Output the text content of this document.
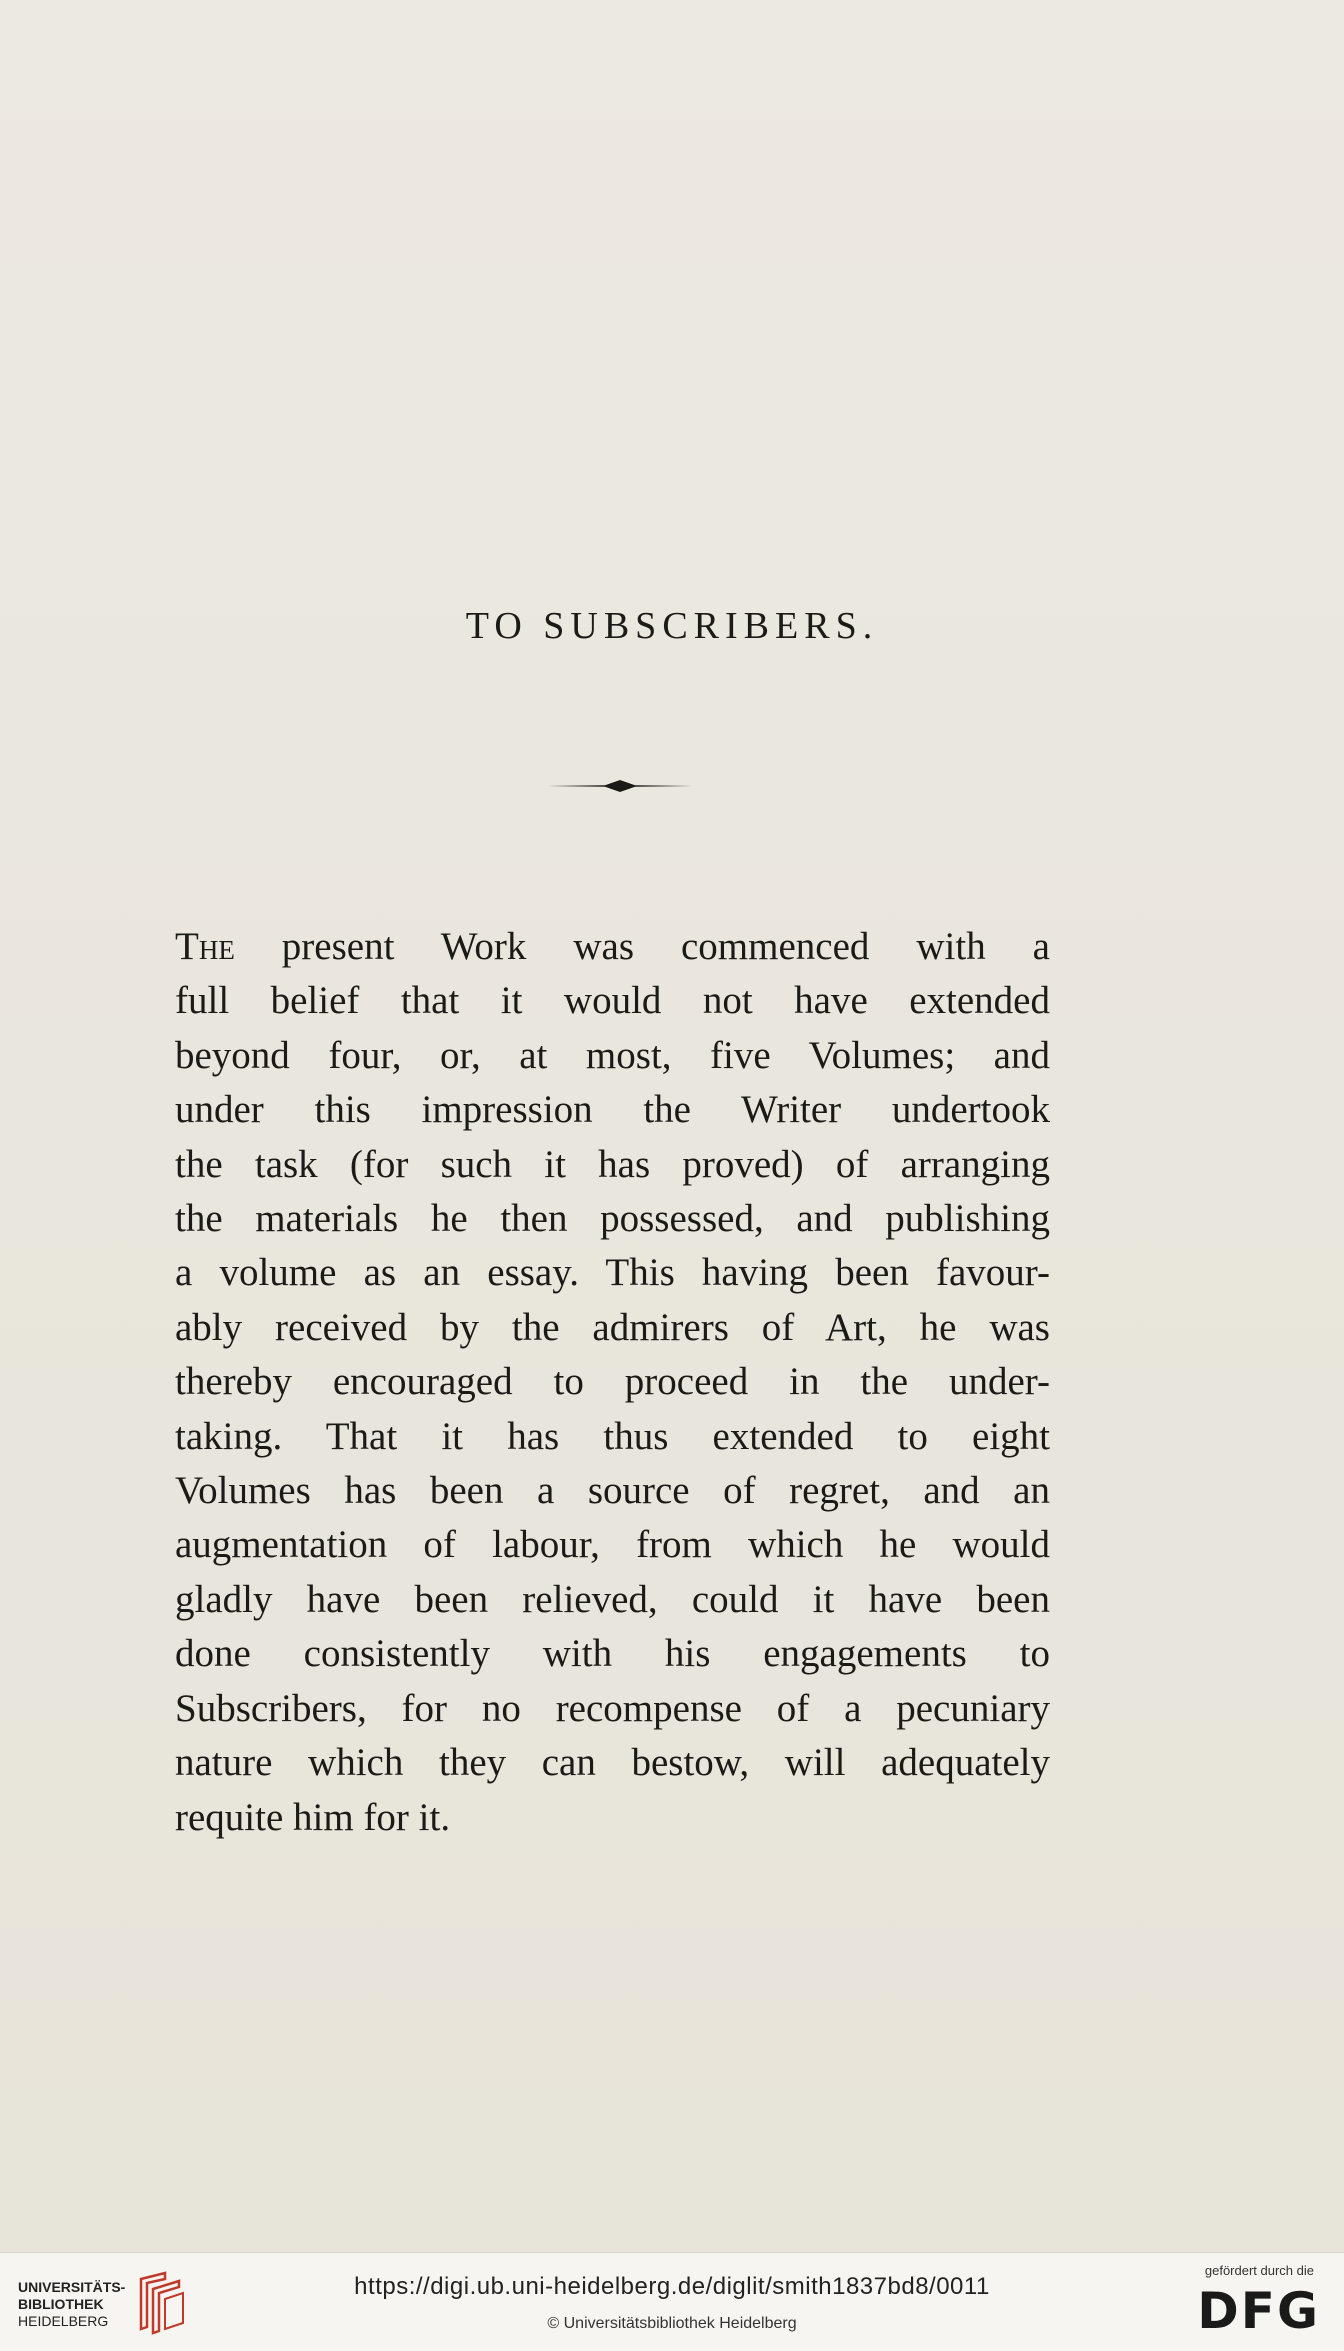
TO SUBSCRIBERS.

The present Work was commenced with a
full belief that it would not have extended
beyond four, or, at most, five Volumes; and
under this impression the Writer undertook
the task (for such it has proved) of arranging
the materials he then possessed, and publishing
a volume as an essay. This having been favour-
ably received by the admirers of Art, he was
thereby encouraged to proceed in the under-
taking. That it has thus extended to eight
Volumes has been a source of regret, and an
augmentation of labour, from which he would
gladly have been relieved, could it have been
done consistently with his engagements to
Subscribers, for no recompense of a pecuniary
nature which they can bestow, will adequately
requite him for it.

UNIVERSITÄTS-
BIBLIOTHEK
HEIDELBERG
https://digi.ub.uni-heidelberg.de/diglit/smith1837bd8/0011
© Universitätsbibliothek Heidelberg
gefördert durch die
DFG
